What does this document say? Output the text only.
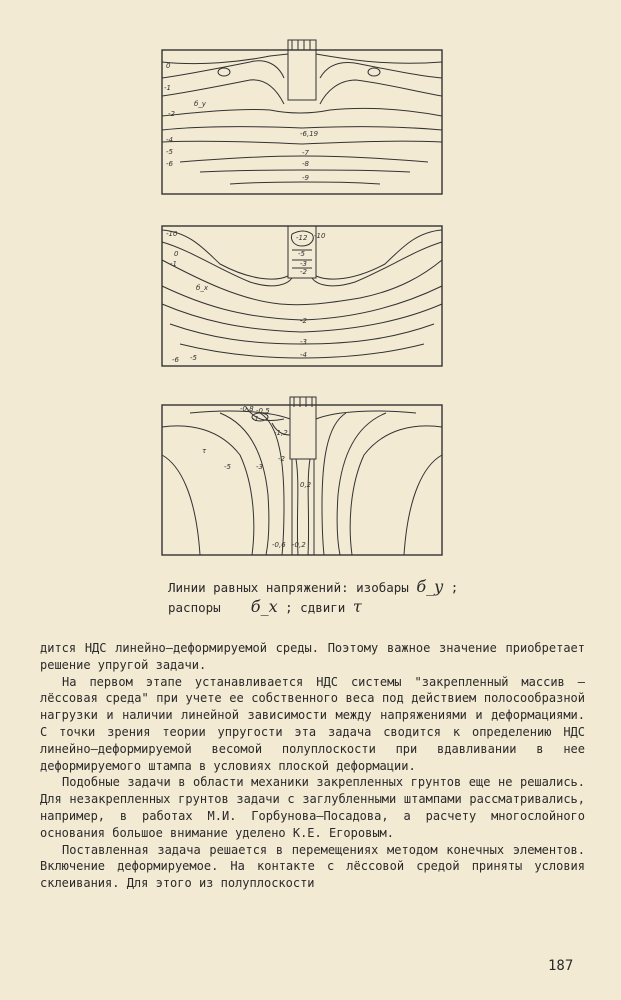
0
-1
-2
-4
-5
-6
-6,19
-7
-8
-9
б_y
-10
0
-1
-12 -10
-5
-3
-2
-2
-3
-4
-5
-6
б_x
-0,8 -0,5
-1
-1,2
-5	-3
-2
0,2
-0,6 -0,2
τ
Линии равных напряжений: изобары б_y ;
распоры б_x ; сдвиги τ

дится НДС линейно–деформируемой среды. Поэтому важное значение приобретает решение упругой задачи.

На первом этапе устанавливается НДС системы "закрепленный массив – лёссовая среда" при учете ее собственного веса под действием полосообразной нагрузки и наличии линейной зависимости между напряжениями и деформациями. С точки зрения теории упругости эта задача сводится к определению НДС линейно–деформируемой весомой полуплоскости при вдавливании в нее деформируемого штампа в условиях плоской деформации.

Подобные задачи в области механики закрепленных грунтов еще не решались. Для незакрепленных грунтов задачи с заглубленными штампами рассматривались, например, в работах М.И. Горбунова–Посадова, а расчету многослойного основания большое внимание уделено К.Е. Егоровым.

Поставленная задача решается в перемещениях методом конечных элементов. Включение деформируемое. На контакте с лёссовой средой приняты условия склеивания. Для этого из полуплоскости

187
